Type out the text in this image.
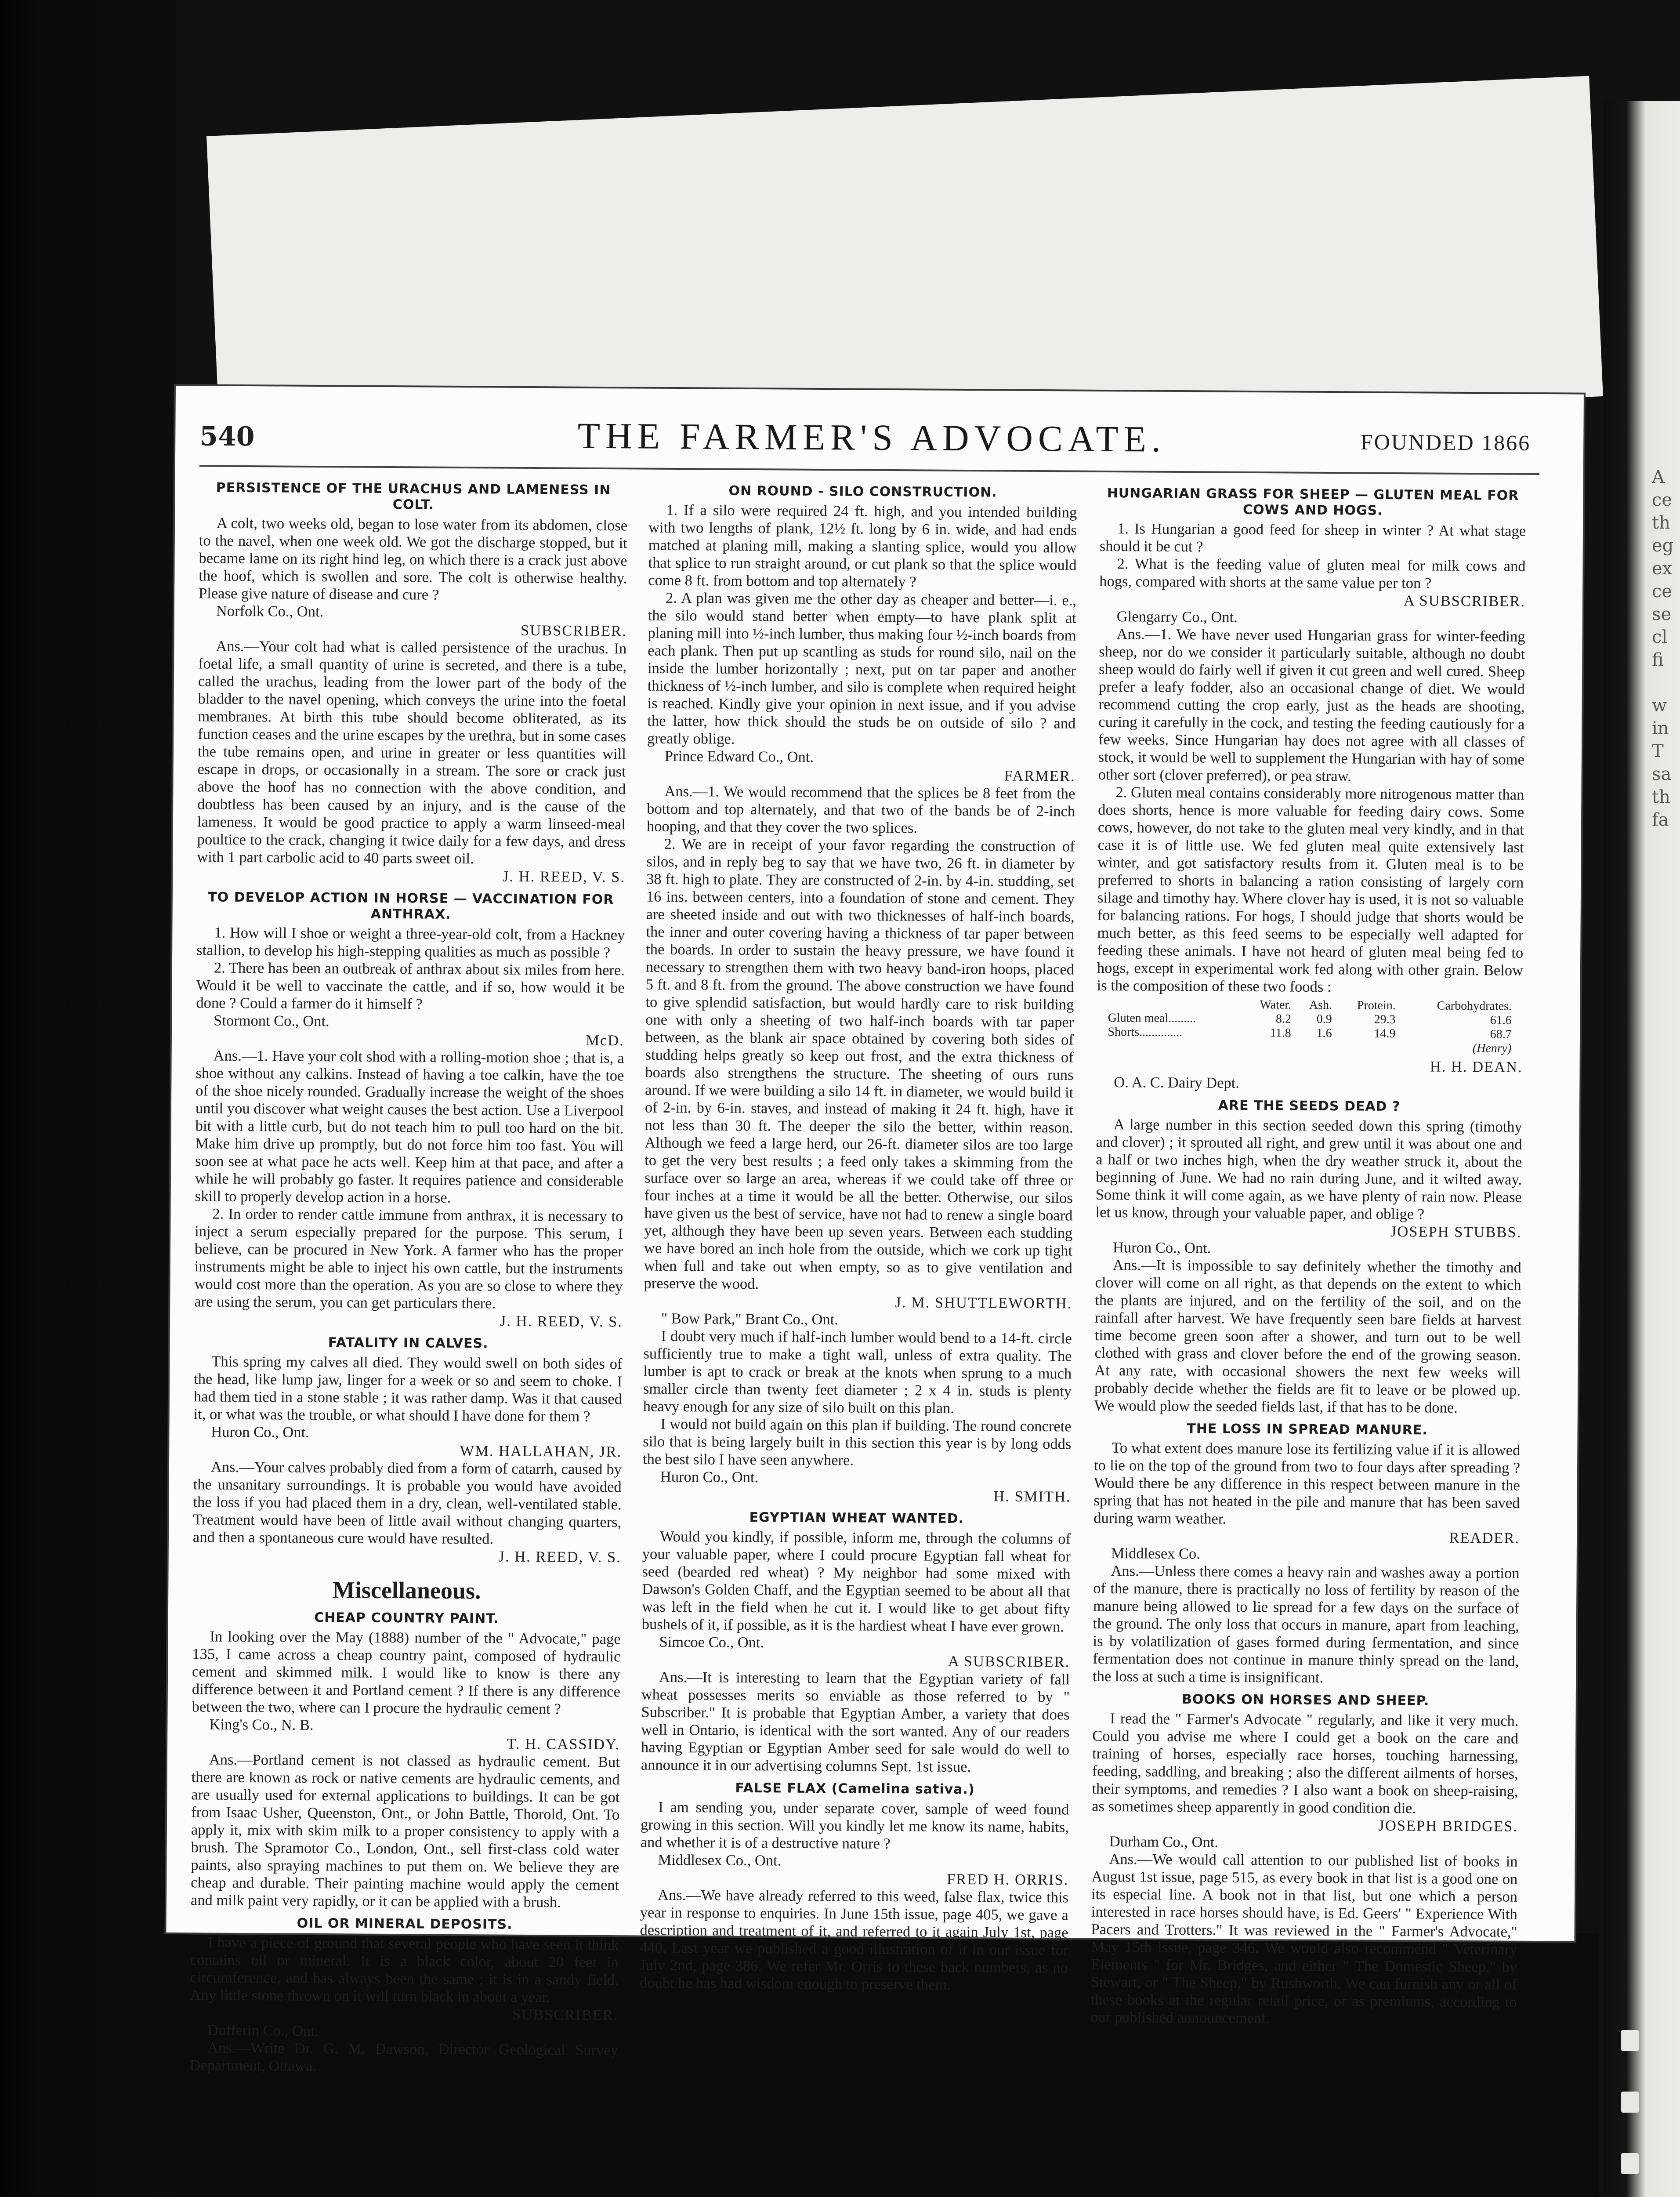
A
ce
th
eg
ex
ce
se
cl
fi

w
in
T
sa
th
fa
THE FARMER'S ADVOCATE.
540	FOUNDED 1866

PERSISTENCE OF THE URACHUS AND LAMENESS IN COLT.

A colt, two weeks old, began to lose water from its abdomen, close to the navel, when one week old. We got the discharge stopped, but it became lame on its right hind leg, on which there is a crack just above the hoof, which is swollen and sore. The colt is otherwise healthy. Please give nature of disease and cure ?

Norfolk Co., Ont.

SUBSCRIBER.

Ans.—Your colt had what is called persistence of the urachus. In foetal life, a small quantity of urine is secreted, and there is a tube, called the urachus, leading from the lower part of the body of the bladder to the navel opening, which conveys the urine into the foetal membranes. At birth this tube should become obliterated, as its function ceases and the urine escapes by the urethra, but in some cases the tube remains open, and urine in greater or less quantities will escape in drops, or occasionally in a stream. The sore or crack just above the hoof has no connection with the above condition, and doubtless has been caused by an injury, and is the cause of the lameness. It would be good practice to apply a warm linseed-meal poultice to the crack, changing it twice daily for a few days, and dress with 1 part carbolic acid to 40 parts sweet oil.

J. H. REED, V. S.

TO DEVELOP ACTION IN HORSE — VACCINATION FOR ANTHRAX.

1. How will I shoe or weight a three-year-old colt, from a Hackney stallion, to develop his high-stepping qualities as much as possible ?

2. There has been an outbreak of anthrax about six miles from here. Would it be well to vaccinate the cattle, and if so, how would it be done ? Could a farmer do it himself ?

Stormont Co., Ont.

McD.

Ans.—1. Have your colt shod with a rolling-motion shoe ; that is, a shoe without any calkins. Instead of having a toe calkin, have the toe of the shoe nicely rounded. Gradually increase the weight of the shoes until you discover what weight causes the best action. Use a Liverpool bit with a little curb, but do not teach him to pull too hard on the bit. Make him drive up promptly, but do not force him too fast. You will soon see at what pace he acts well. Keep him at that pace, and after a while he will probably go faster. It requires patience and considerable skill to properly develop action in a horse.

2. In order to render cattle immune from anthrax, it is necessary to inject a serum especially prepared for the purpose. This serum, I believe, can be procured in New York. A farmer who has the proper instruments might be able to inject his own cattle, but the instruments would cost more than the operation. As you are so close to where they are using the serum, you can get particulars there.

J. H. REED, V. S.

FATALITY IN CALVES.

This spring my calves all died. They would swell on both sides of the head, like lump jaw, linger for a week or so and seem to choke. I had them tied in a stone stable ; it was rather damp. Was it that caused it, or what was the trouble, or what should I have done for them ?

Huron Co., Ont.

WM. HALLAHAN, JR.

Ans.—Your calves probably died from a form of catarrh, caused by the unsanitary surroundings. It is probable you would have avoided the loss if you had placed them in a dry, clean, well-ventilated stable. Treatment would have been of little avail without changing quarters, and then a spontaneous cure would have resulted.

J. H. REED, V. S.

Miscellaneous.

CHEAP COUNTRY PAINT.

In looking over the May (1888) number of the " Advocate," page 135, I came across a cheap country paint, composed of hydraulic cement and skimmed milk. I would like to know is there any difference between it and Portland cement ? If there is any difference between the two, where can I procure the hydraulic cement ?

King's Co., N. B.

T. H. CASSIDY.

Ans.—Portland cement is not classed as hydraulic cement. But there are known as rock or native cements are hydraulic cements, and are usually used for external applications to buildings. It can be got from Isaac Usher, Queenston, Ont., or John Battle, Thorold, Ont. To apply it, mix with skim milk to a proper consistency to apply with a brush. The Spramotor Co., London, Ont., sell first-class cold water paints, also spraying machines to put them on. We believe they are cheap and durable. Their painting machine would apply the cement and milk paint very rapidly, or it can be applied with a brush.

OIL OR MINERAL DEPOSITS.

I have a piece of ground that several people who have seen it think contains oil or mineral. It is a black color, about 20 feet in circumference, and has always been the same ; it is in a sandy field. Any little stone thrown on it will turn black in about a year.

SUBSCRIBER.

Dufferin Co., Ont.

Ans.—Write Dr. G. M. Dawson, Director Geological Survey Department, Ottawa.

ON ROUND - SILO CONSTRUCTION.

1. If a silo were required 24 ft. high, and you intended building with two lengths of plank, 12½ ft. long by 6 in. wide, and had ends matched at planing mill, making a slanting splice, would you allow that splice to run straight around, or cut plank so that the splice would come 8 ft. from bottom and top alternately ?

2. A plan was given me the other day as cheaper and better—i. e., the silo would stand better when empty—to have plank split at planing mill into ½-inch lumber, thus making four ½-inch boards from each plank. Then put up scantling as studs for round silo, nail on the inside the lumber horizontally ; next, put on tar paper and another thickness of ½-inch lumber, and silo is complete when required height is reached. Kindly give your opinion in next issue, and if you advise the latter, how thick should the studs be on outside of silo ? and greatly oblige.

Prince Edward Co., Ont.

FARMER.

Ans.—1. We would recommend that the splices be 8 feet from the bottom and top alternately, and that two of the bands be of 2-inch hooping, and that they cover the two splices.

2. We are in receipt of your favor regarding the construction of silos, and in reply beg to say that we have two, 26 ft. in diameter by 38 ft. high to plate. They are constructed of 2-in. by 4-in. studding, set 16 ins. between centers, into a foundation of stone and cement. They are sheeted inside and out with two thicknesses of half-inch boards, the inner and outer covering having a thickness of tar paper between the boards. In order to sustain the heavy pressure, we have found it necessary to strengthen them with two heavy band-iron hoops, placed 5 ft. and 8 ft. from the ground. The above construction we have found to give splendid satisfaction, but would hardly care to risk building one with only a sheeting of two half-inch boards with tar paper between, as the blank air space obtained by covering both sides of studding helps greatly so keep out frost, and the extra thickness of boards also strengthens the structure. The sheeting of ours runs around. If we were building a silo 14 ft. in diameter, we would build it of 2-in. by 6-in. staves, and instead of making it 24 ft. high, have it not less than 30 ft. The deeper the silo the better, within reason. Although we feed a large herd, our 26-ft. diameter silos are too large to get the very best results ; a feed only takes a skimming from the surface over so large an area, whereas if we could take off three or four inches at a time it would be all the better. Otherwise, our silos have given us the best of service, have not had to renew a single board yet, although they have been up seven years. Between each studding we have bored an inch hole from the outside, which we cork up tight when full and take out when empty, so as to give ventilation and preserve the wood.

J. M. SHUTTLEWORTH.

" Bow Park," Brant Co., Ont.

I doubt very much if half-inch lumber would bend to a 14-ft. circle sufficiently true to make a tight wall, unless of extra quality. The lumber is apt to crack or break at the knots when sprung to a much smaller circle than twenty feet diameter ; 2 x 4 in. studs is plenty heavy enough for any size of silo built on this plan.

I would not build again on this plan if building. The round concrete silo that is being largely built in this section this year is by long odds the best silo I have seen anywhere.

Huron Co., Ont.

H. SMITH.

EGYPTIAN WHEAT WANTED.

Would you kindly, if possible, inform me, through the columns of your valuable paper, where I could procure Egyptian fall wheat for seed (bearded red wheat) ? My neighbor had some mixed with Dawson's Golden Chaff, and the Egyptian seemed to be about all that was left in the field when he cut it. I would like to get about fifty bushels of it, if possible, as it is the hardiest wheat I have ever grown.

Simcoe Co., Ont.

A SUBSCRIBER.

Ans.—It is interesting to learn that the Egyptian variety of fall wheat possesses merits so enviable as those referred to by " Subscriber." It is probable that Egyptian Amber, a variety that does well in Ontario, is identical with the sort wanted. Any of our readers having Egyptian or Egyptian Amber seed for sale would do well to announce it in our advertising columns Sept. 1st issue.

FALSE FLAX (Camelina sativa.)

I am sending you, under separate cover, sample of weed found growing in this section. Will you kindly let me know its name, habits, and whether it is of a destructive nature ?

Middlesex Co., Ont.

FRED H. ORRIS.

Ans.—We have already referred to this weed, false flax, twice this year in response to enquiries. In June 15th issue, page 405, we gave a description and treatment of it, and referred to it again July 1st, page 440. Last year we published a good illustration of it in our issue for July 2nd, page 386. We refer Mr. Orris to these back numbers, as no doubt he has had wisdom enough to preserve them.

HUNGARIAN GRASS FOR SHEEP — GLUTEN MEAL FOR COWS AND HOGS.

1. Is Hungarian a good feed for sheep in winter ? At what stage should it be cut ?

2. What is the feeding value of gluten meal for milk cows and hogs, compared with shorts at the same value per ton ?

A SUBSCRIBER.

Glengarry Co., Ont.

Ans.—1. We have never used Hungarian grass for winter-feeding sheep, nor do we consider it particularly suitable, although no doubt sheep would do fairly well if given it cut green and well cured. Sheep prefer a leafy fodder, also an occasional change of diet. We would recommend cutting the crop early, just as the heads are shooting, curing it carefully in the cock, and testing the feeding cautiously for a few weeks. Since Hungarian hay does not agree with all classes of stock, it would be well to supplement the Hungarian with hay of some other sort (clover preferred), or pea straw.

2. Gluten meal contains considerably more nitrogenous matter than does shorts, hence is more valuable for feeding dairy cows. Some cows, however, do not take to the gluten meal very kindly, and in that case it is of little use. We fed gluten meal quite extensively last winter, and got satisfactory results from it. Gluten meal is to be preferred to shorts in balancing a ration consisting of largely corn silage and timothy hay. Where clover hay is used, it is not so valuable for balancing rations. For hogs, I should judge that shorts would be much better, as this feed seems to be especially well adapted for feeding these animals. I have not heard of gluten meal being fed to hogs, except in experimental work fed along with other grain. Below is the composition of these two foods :

	Water.	Ash.	Protein.	Carbohydrates.
Gluten meal.........	8.2	0.9	29.3	61.6
Shorts..............	11.8	1.6	14.9	68.7
(Henry)				

H. H. DEAN.

O. A. C. Dairy Dept.

ARE THE SEEDS DEAD ?

A large number in this section seeded down this spring (timothy and clover) ; it sprouted all right, and grew until it was about one and a half or two inches high, when the dry weather struck it, about the beginning of June. We had no rain during June, and it wilted away. Some think it will come again, as we have plenty of rain now. Please let us know, through your valuable paper, and oblige ?

JOSEPH STUBBS.

Huron Co., Ont.

Ans.—It is impossible to say definitely whether the timothy and clover will come on all right, as that depends on the extent to which the plants are injured, and on the fertility of the soil, and on the rainfall after harvest. We have frequently seen bare fields at harvest time become green soon after a shower, and turn out to be well clothed with grass and clover before the end of the growing season. At any rate, with occasional showers the next few weeks will probably decide whether the fields are fit to leave or be plowed up. We would plow the seeded fields last, if that has to be done.

THE LOSS IN SPREAD MANURE.

To what extent does manure lose its fertilizing value if it is allowed to lie on the top of the ground from two to four days after spreading ? Would there be any difference in this respect between manure in the spring that has not heated in the pile and manure that has been saved during warm weather.

READER.

Middlesex Co.

Ans.—Unless there comes a heavy rain and washes away a portion of the manure, there is practically no loss of fertility by reason of the manure being allowed to lie spread for a few days on the surface of the ground. The only loss that occurs in manure, apart from leaching, is by volatilization of gases formed during fermentation, and since fermentation does not continue in manure thinly spread on the land, the loss at such a time is insignificant.

BOOKS ON HORSES AND SHEEP.

I read the " Farmer's Advocate " regularly, and like it very much. Could you advise me where I could get a book on the care and training of horses, especially race horses, touching harnessing, feeding, saddling, and breaking ; also the different ailments of horses, their symptoms, and remedies ? I also want a book on sheep-raising, as sometimes sheep apparently in good condition die.

JOSEPH BRIDGES.

Durham Co., Ont.

Ans.—We would call attention to our published list of books in August 1st issue, page 515, as every book in that list is a good one on its especial line. A book not in that list, but one which a person interested in race horses should have, is Ed. Geers' " Experience With Pacers and Trotters." It was reviewed in the " Farmer's Advocate," May 15th issue, page 346. We would also recommend " Veterinary Elements " for Mr. Bridges, and either " The Domestic Sheep," by Stewart, or " The Sheep," by Rushworth. We can furnish any or all of these books at the regular retail price, or as premiums, according to our published announcement.
